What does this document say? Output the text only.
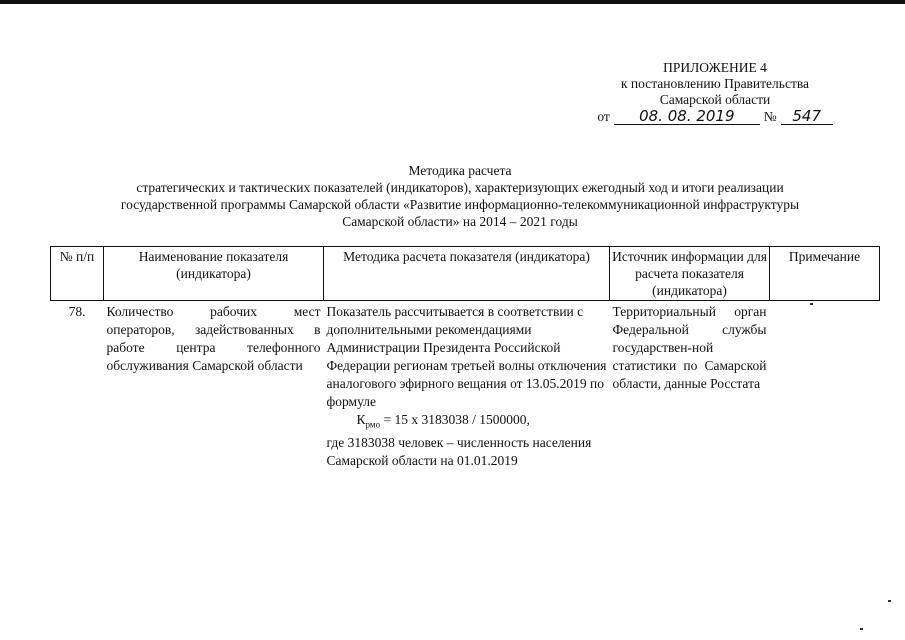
ПРИЛОЖЕНИЕ 4
к постановлению Правительства
Самарской области
от	08. 08. 2019	№	547
Методика расчета
стратегических и тактических показателей (индикаторов), характеризующих ежегодный ход и итоги реализации
государственной программы Самарской области «Развитие информационно-телекоммуникационной инфраструктуры
Самарской области» на 2014 – 2021 годы
№ п/п	Наименование показателя (индикатора)	Методика расчета показателя (индикатора)	Источник информации для расчета показателя (индикатора)	Примечание
78.	Количество рабочих мест операторов, задействованных в работе центра телефонного обслуживания Самарской области	Показатель рассчитывается в соответствии с дополнительными рекомендациями Администрации Президента Российской Федерации регионам третьей волны отключения аналогового эфирного вещания от 13.05.2019 по формуле
$К_{рмо} = 15$ х 3183038 / 1500000,
где 3183038 человек – численность населения Самарской области на 01.01.2019	Территориальный орган Федеральной службы государствен-ной статистики по Самарской области, данные Росстата	
